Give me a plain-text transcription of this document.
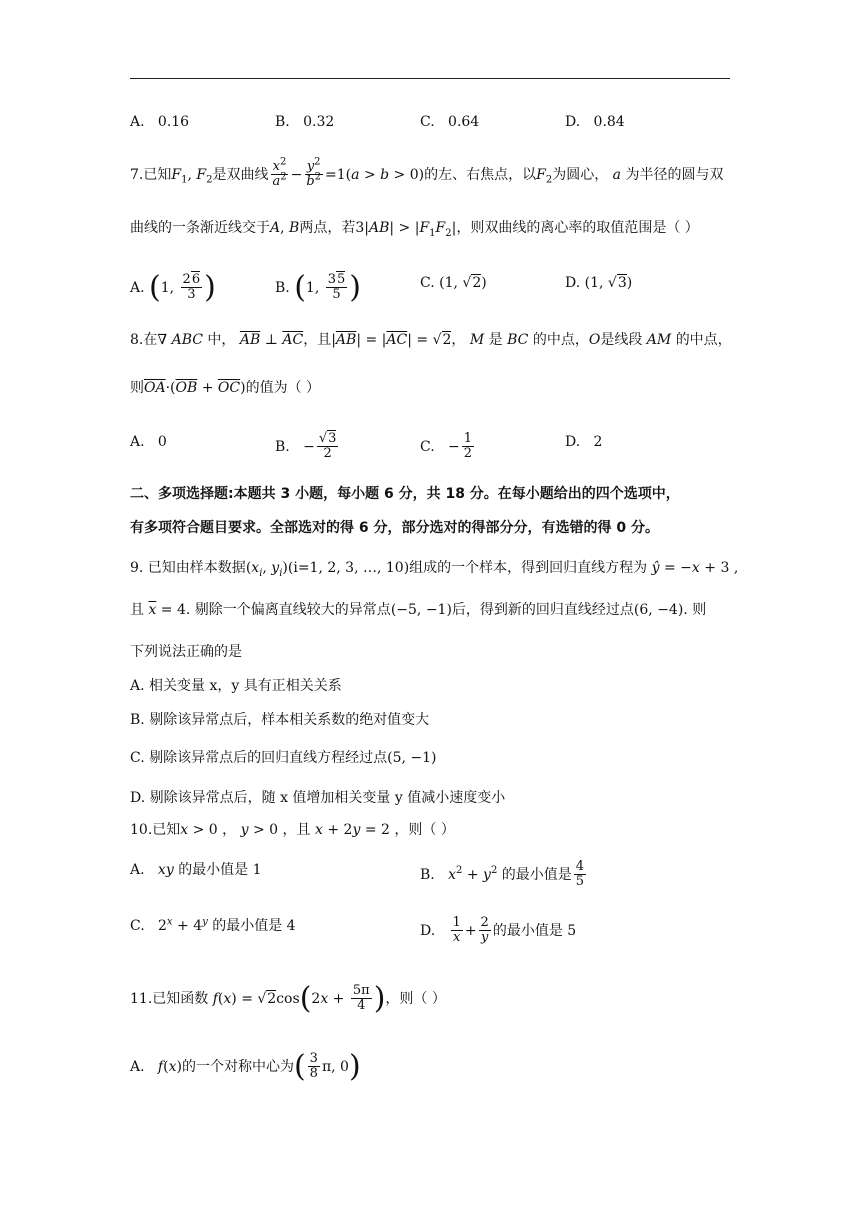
A. 0.16	B. 0.32	C. 0.64	D. 0.84
7.已知$F_1$, $F_2$是双曲线 $\frac{x^2}{a^2} - \frac{y^2}{b^2} =1(a > b > 0)$的左、右焦点，以$F_2$为圆心， a 为半径的圆与双
曲线的一条渐近线交于A, B两点，若$3|AB| > |F_1F_2|$，则双曲线的离心率的取值范围是（ ）
A. (1, $\frac{26}{3}$ )	B. (1, $\frac{35}{5}$ )	C. (1, √2)	D. (1, √3)
8.在∇ ABC 中， $\overline{AB}$ ⊥ $\overline{AC}$，且$|\overline{AB}| = |\overline{AC}| = √2$， M 是 BC 的中点，O是线段 AM 的中点，
则$\overline{OA}\cdot(\overline{OB} + \overline{OC})$的值为（ ）
A. 0	B.   − $\frac{√3}{2}$	C.   − $\frac{1}{2}$	D. 2
二、多项选择题:本题共 3 小题，每小题 6 分，共 18 分。在每小题给出的四个选项中，
有多项符合题目要求。全部选对的得 6 分，部分选对的得部分分，有选错的得 0 分。
9. 已知由样本数据($x_i$, $y_i)(i=1$, 2, 3, …, 10)组成的一个样本，得到回归直线方程为 ŷ = −x + 3 ,
且 $\overline{x} = 4$. 剔除一个偏离直线较大的异常点(−5, −1)后，得到新的回归直线经过点(6, −4). 则
下列说法正确的是
A. 相关变量 x，y 具有正相关关系
B. 剔除该异常点后，样本相关系数的绝对值变大
C. 剔除该异常点后的回归直线方程经过点(5, −1)
D. 剔除该异常点后，随 x 值增加相关变量 y 值减小速度变小
10.已知x > 0 ， y > 0 ，且 x + 2y = 2 ，则（ ）
A.   xy 的最小值是 1	B.   $x^2 + y^2$ 的最小值是 $\frac{4}{5}$
C.   $2^x + 4^y$ 的最小值是 4	D. $\frac{1}{x} + \frac{2}{y}$ 的最小值是 5
11.已知函数 $f(x) = √2\cos(2x + \frac{5\pi}{4}$ )，则（ ）
A.   f(x)的一个对称中心为( $\frac{3}{8} \pi$, 0)
